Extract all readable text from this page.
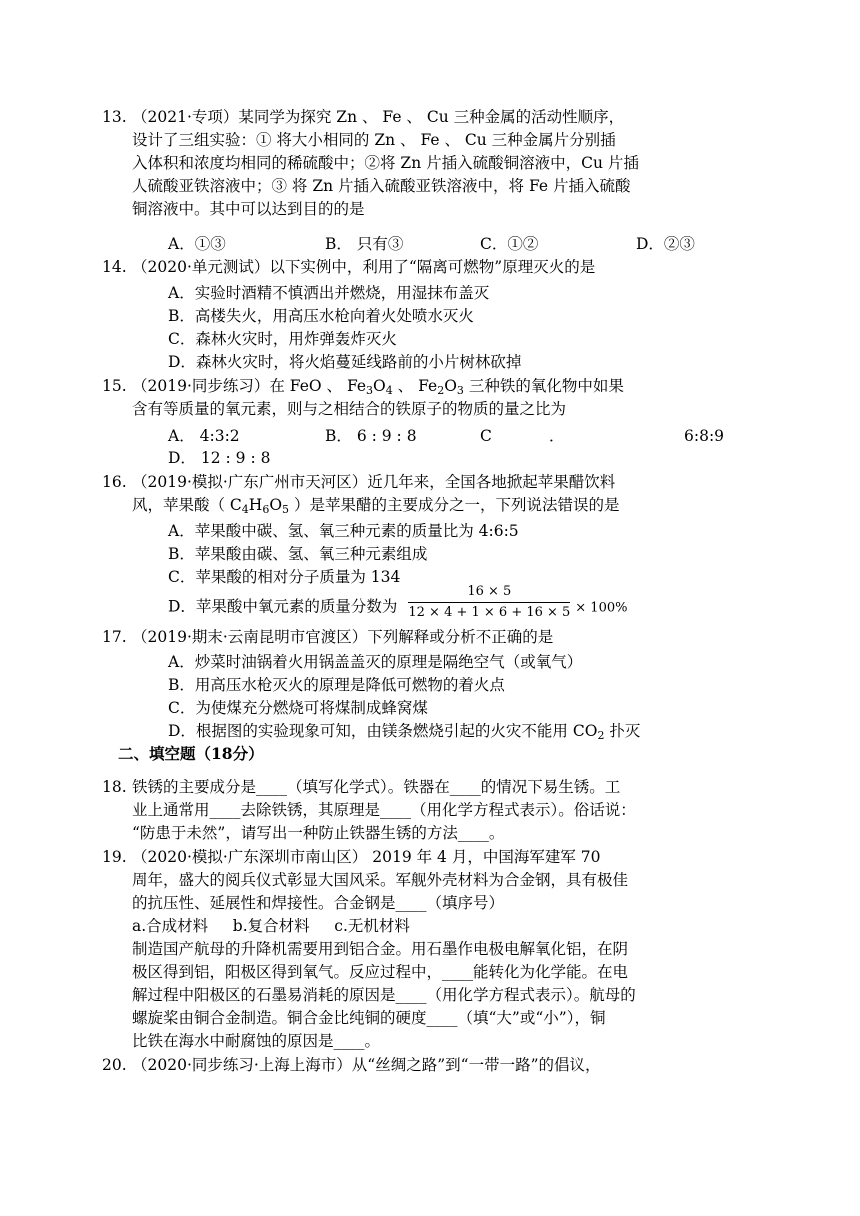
13. （2021·专项）某同学为探究 Zn 、 Fe 、 Cu 三种金属的活动性顺序，
设计了三组实验：① 将大小相同的 Zn 、 Fe 、 Cu 三种金属片分别插
入体积和浓度均相同的稀硫酸中；②将 Zn 片插入硫酸铜溶液中，Cu 片插
人硫酸亚铁溶液中；③ 将 Zn 片插入硫酸亚铁溶液中，将 Fe 片插入硫酸
铜溶液中。其中可以达到目的的是
A．①③	B． 只有③	C．①②	D．②③
14. （2020·单元测试）以下实例中，利用了“隔离可燃物”原理灭火的是
A．实验时酒精不慎洒出并燃烧，用湿抹布盖灭
B．高楼失火，用高压水枪向着火处喷水灭火
C．森林火灾时，用炸弹轰炸灭火
D．森林火灾时，将火焰蔓延线路前的小片树林砍掉
15. （2019·同步练习）在 FeO 、 $Fe_3O_4$ 、 $Fe_2O_3$ 三种铁的氧化物中如果
含有等质量的氧元素，则与之相结合的铁原子的物质的量之比为
A． 4:3:2	B． 6 : 9 : 8	C	．	6:8:9
D． 12 : 9 : 8
16. （2019·模拟·广东广州市天河区）近几年来，全国各地掀起苹果醋饮料
风，苹果酸（ $C_4H_6O_5$ ）是苹果醋的主要成分之一，下列说法错误的是
A．苹果酸中碳、氢、氧三种元素的质量比为 4:6:5
B．苹果酸由碳、氢、氧三种元素组成
C．苹果酸的相对分子质量为 134
D．苹果酸中氧元素的质量分数为 $\frac{16 \times 5}{12 \times 4 + 1 \times 6 + 16 \times 5} \times 100\%$
17. （2019·期末·云南昆明市官渡区）下列解释或分析不正确的是
A．炒菜时油锅着火用锅盖盖灭的原理是隔绝空气（或氧气）
B．用高压水枪灭火的原理是降低可燃物的着火点
C．为使煤充分燃烧可将煤制成蜂窝煤
D．根据图的实验现象可知，由镁条燃烧引起的火灾不能用 $CO_2$ 扑灭
二、填空题（18分）
18. 铁锈的主要成分是____（填写化学式）。铁器在____的情况下易生锈。工
业上通常用____去除铁锈，其原理是____（用化学方程式表示）。俗话说：
“防患于未然”，请写出一种防止铁器生锈的方法____。
19. （2020·模拟·广东深圳市南山区） 2019 年 4 月，中国海军建军 70
周年，盛大的阅兵仪式彰显大国风采。军舰外壳材料为合金钢，具有极佳
的抗压性、延展性和焊接性。合金钢是____（填序号）
a.合成材料     b.复合材料     c.无机材料
制造国产航母的升降机需要用到铝合金。用石墨作电极电解氧化铝，在阴
极区得到铝，阳极区得到氧气。反应过程中，____能转化为化学能。在电
解过程中阳极区的石墨易消耗的原因是____（用化学方程式表示）。航母的
螺旋桨由铜合金制造。铜合金比纯铜的硬度____（填“大”或“小”），铜
比铁在海水中耐腐蚀的原因是____。
20. （2020·同步练习·上海上海市）从“丝绸之路”到“一带一路”的倡议，
